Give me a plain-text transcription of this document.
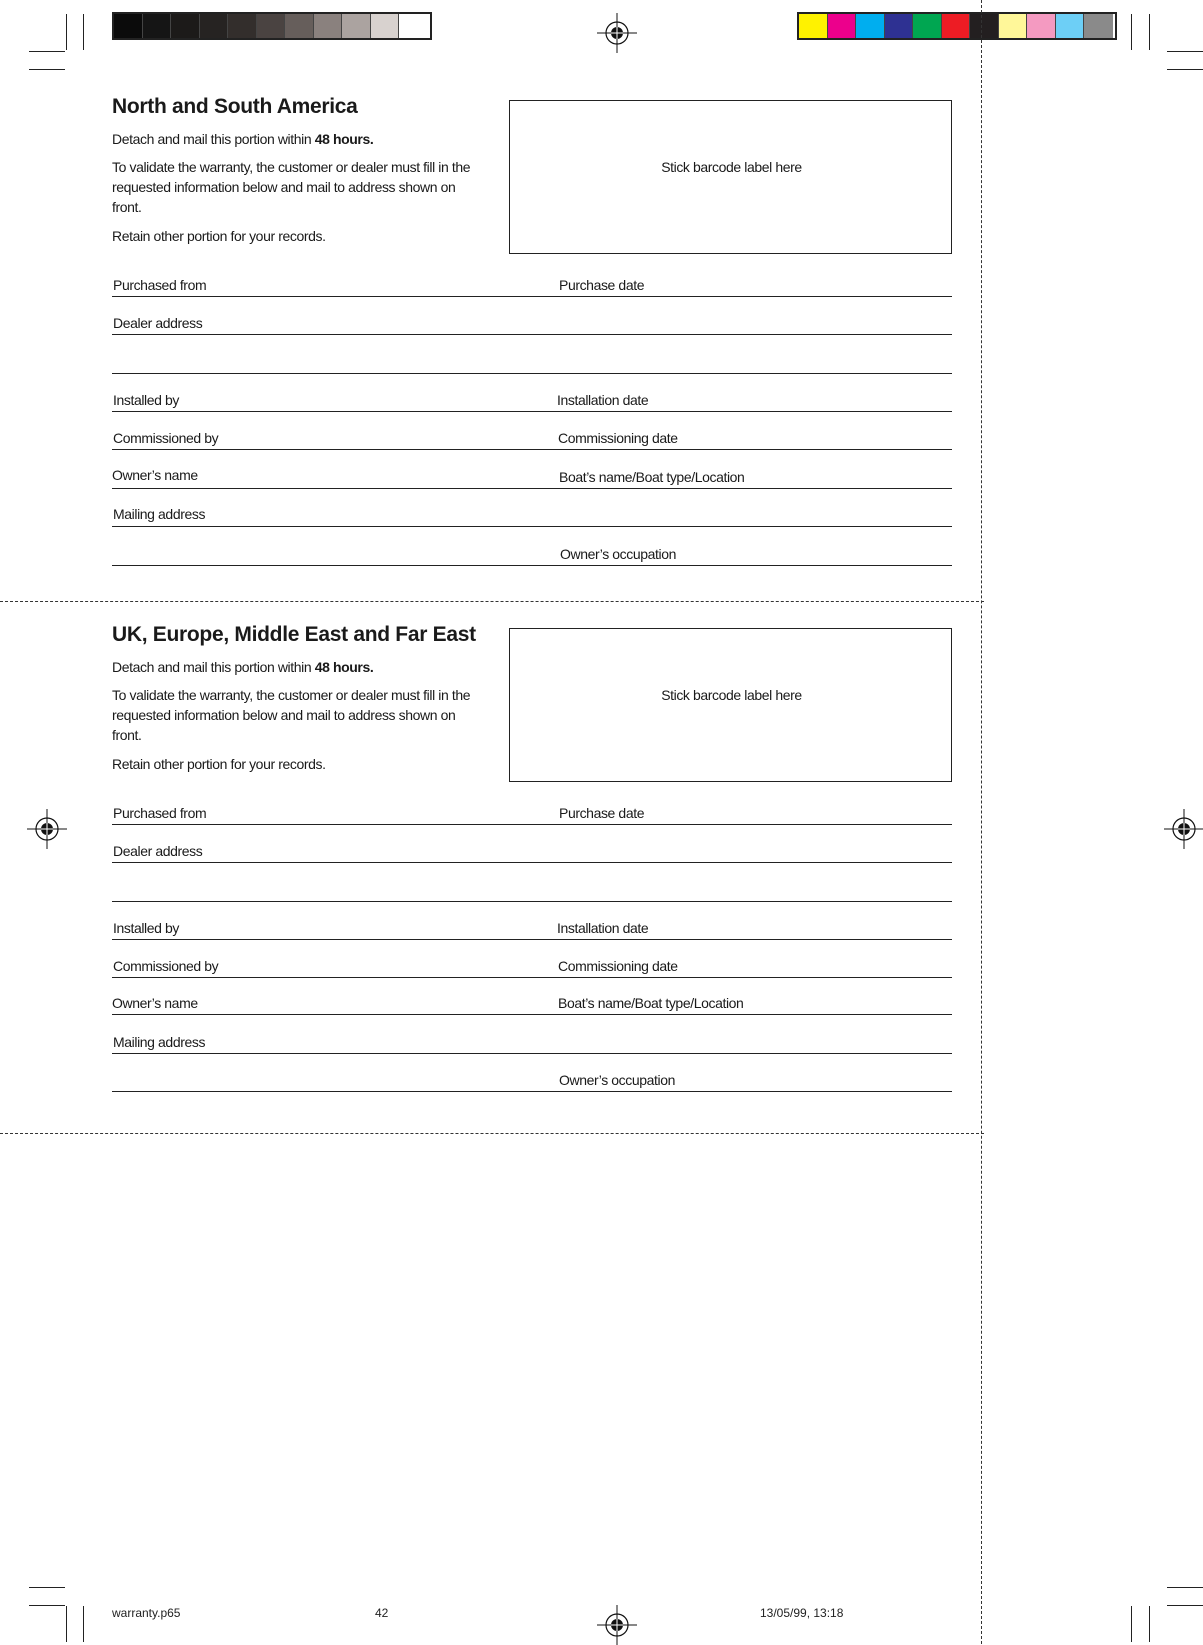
North and South America
Detach and mail this portion within 48 hours.
To validate the warranty, the customer or dealer must fill in the requested information below and mail to address shown on front.
Retain other portion for your records.
Stick barcode label here
Purchased from	Purchase date
Dealer address
Installed by	Installation date
Commissioned by	Commissioning date
Owner’s name	Boat’s name/Boat type/Location
Mailing address
Owner’s occupation
UK, Europe, Middle East and Far East
Detach and mail this portion within 48 hours.
To validate the warranty, the customer or dealer must fill in the requested information below and mail to address shown on front.
Retain other portion for your records.
Stick barcode label here
Purchased from	Purchase date
Dealer address
Installed by	Installation date
Commissioned by	Commissioning date
Owner’s name	Boat’s name/Boat type/Location
Mailing address
Owner’s occupation
warranty.p65	42	13/05/99, 13:18
